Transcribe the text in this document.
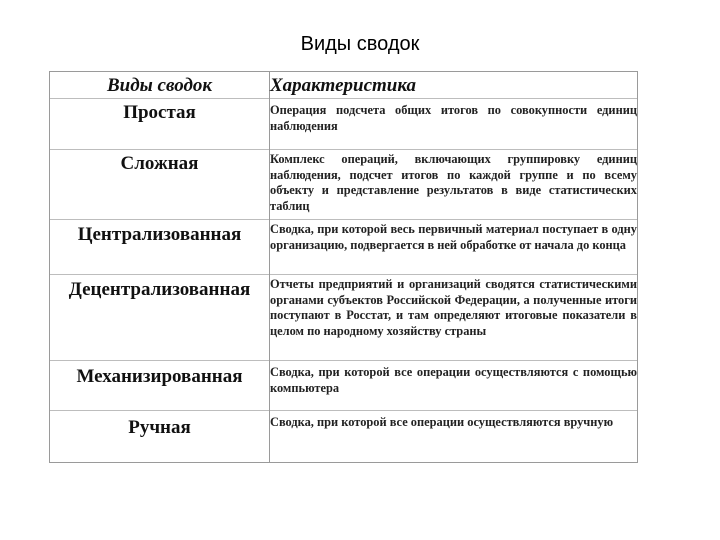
Виды сводок
Виды сводок	Характеристика
Простая	Операция подсчета общих итогов по совокупности единиц наблюдения
Сложная	Комплекс операций, включающих группировку единиц наблюдения, подсчет итогов по каждой группе и по всему объекту и представление результатов в виде статистических таблиц
Централизованная	Сводка, при которой весь первичный материал поступает в одну организацию, подвергается в ней обработке от начала до конца
Децентрализованная	Отчеты предприятий и организаций сводятся статистическими органами субъектов Российской Федерации, а полученные итоги поступают в Росстат, и там определяют итоговые показатели в целом по народному хозяйству страны
Механизированная	Сводка, при которой все операции осуществляются с помощью компьютера
Ручная	Сводка, при которой все операции осуществляются вручную
